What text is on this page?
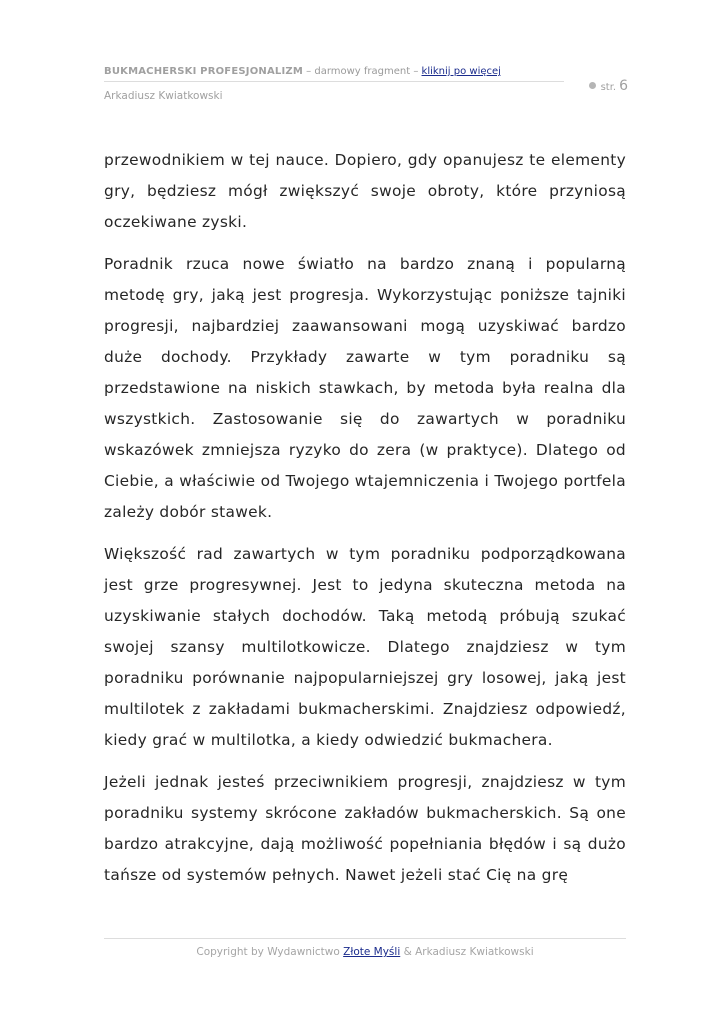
BUKMACHERSKI PROFESJONALIZM – darmowy fragment – kliknij po więcej
Arkadiusz Kwiatkowski
str. 6

przewodnikiem w tej nauce. Dopiero, gdy opanujesz te elementy gry, będziesz mógł zwiększyć swoje obroty, które przyniosą oczekiwane zyski.

Poradnik rzuca nowe światło na bardzo znaną i popularną metodę gry, jaką jest progresja. Wykorzystując poniższe tajniki progresji, najbardziej zaawansowani mogą uzyskiwać bardzo duże dochody. Przykłady zawarte w tym poradniku są przedstawione na niskich stawkach, by metoda była realna dla wszystkich. Zastosowanie się do zawartych w poradniku wskazówek zmniejsza ryzyko do zera (w praktyce). Dlatego od Ciebie, a właściwie od Twojego wtajemniczenia i Twojego portfela zależy dobór stawek.

Większość rad zawartych w tym poradniku podporządkowana jest grze progresywnej. Jest to jedyna skuteczna metoda na uzyskiwanie stałych dochodów. Taką metodą próbują szukać swojej szansy multilotkowicze. Dlatego znajdziesz w tym poradniku porównanie najpopularniejszej gry losowej, jaką jest multilotek z zakładami bukmacherskimi. Znajdziesz odpowiedź, kiedy grać w multilotka, a kiedy odwiedzić bukmachera.

Jeżeli jednak jesteś przeciwnikiem progresji, znajdziesz w tym poradniku systemy skrócone zakładów bukmacherskich. Są one bardzo atrakcyjne, dają możliwość popełniania błędów i są dużo tańsze od systemów pełnych. Nawet jeżeli stać Cię na grę

Copyright by Wydawnictwo Złote Myśli & Arkadiusz Kwiatkowski
